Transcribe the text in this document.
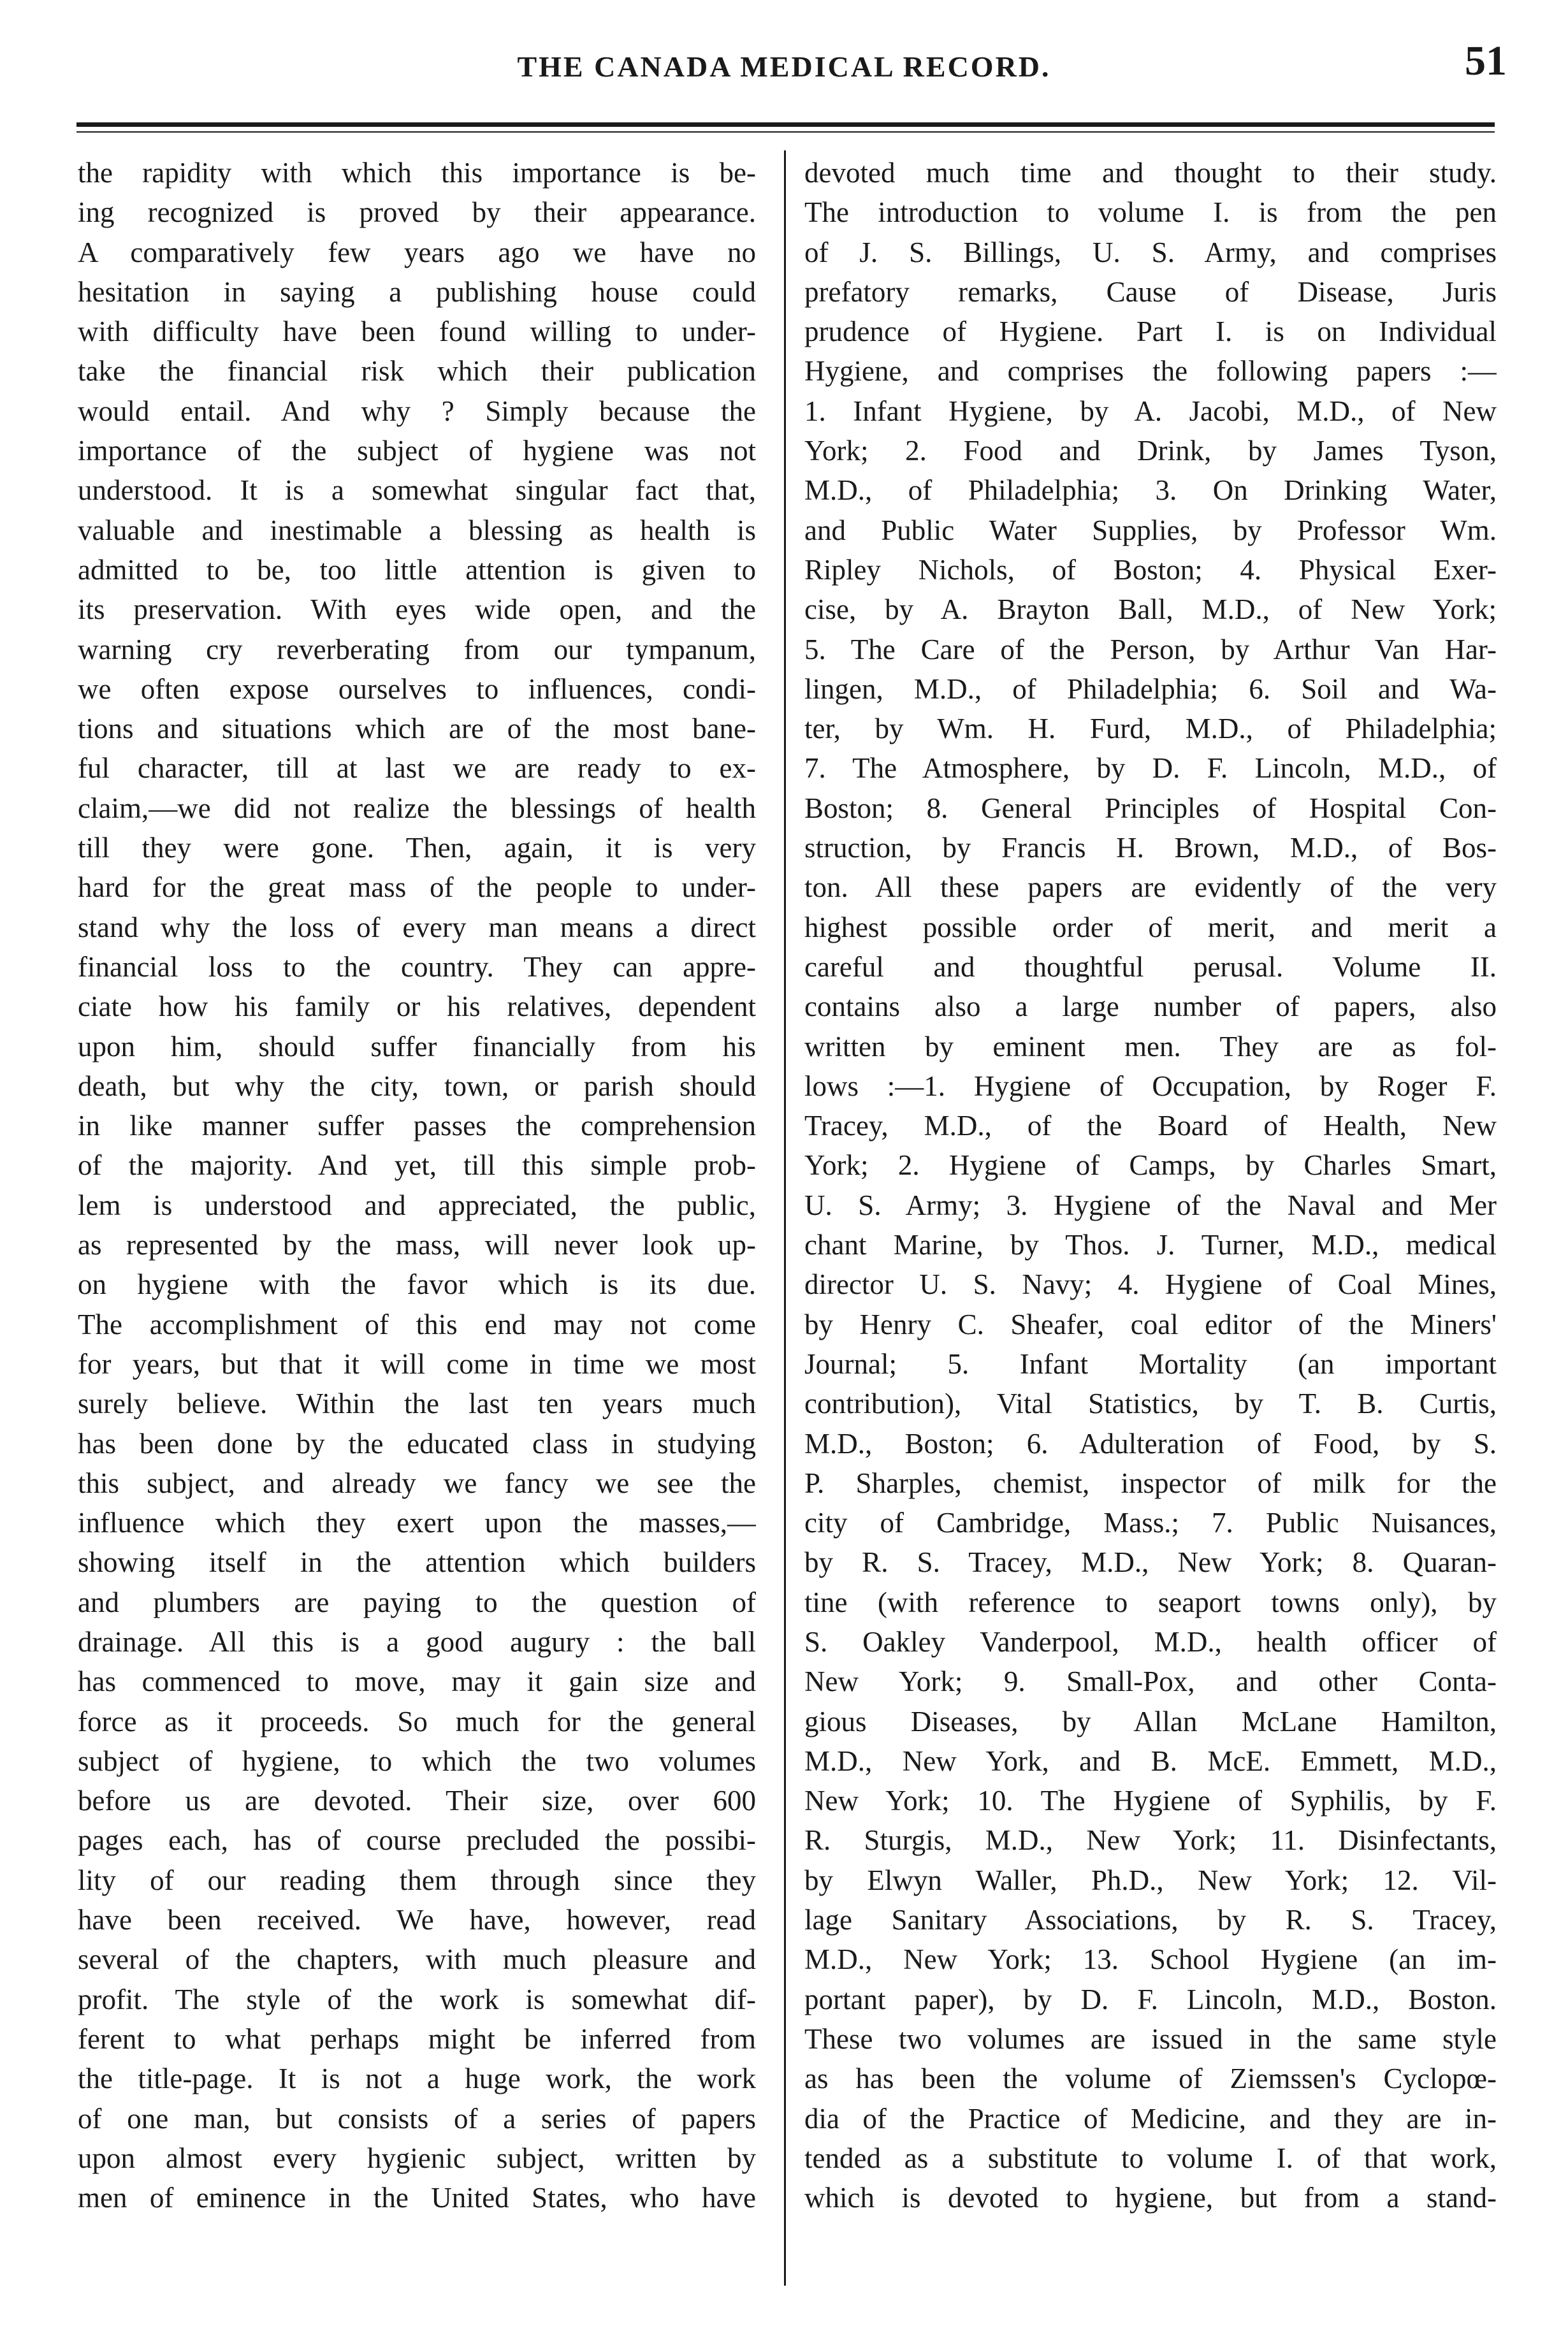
THE CANADA MEDICAL RECORD.	51
the rapidity with which this importance is be-
ing recognized is proved by their appearance.
A comparatively few years ago we have no
hesitation in saying a publishing house could
with difficulty have been found willing to under-
take the financial risk which their publication
would entail. And why ? Simply because the
importance of the subject of hygiene was not
understood. It is a somewhat singular fact that,
valuable and inestimable a blessing as health is
admitted to be, too little attention is given to
its preservation. With eyes wide open, and the
warning cry reverberating from our tympanum,
we often expose ourselves to influences, condi-
tions and situations which are of the most bane-
ful character, till at last we are ready to ex-
claim,—we did not realize the blessings of health
till they were gone. Then, again, it is very
hard for the great mass of the people to under-
stand why the loss of every man means a direct
financial loss to the country. They can appre-
ciate how his family or his relatives, dependent
upon him, should suffer financially from his
death, but why the city, town, or parish should
in like manner suffer passes the comprehension
of the majority. And yet, till this simple prob-
lem is understood and appreciated, the public,
as represented by the mass, will never look up-
on hygiene with the favor which is its due.
The accomplishment of this end may not come
for years, but that it will come in time we most
surely believe. Within the last ten years much
has been done by the educated class in studying
this subject, and already we fancy we see the
influence which they exert upon the masses,—
showing itself in the attention which builders
and plumbers are paying to the question of
drainage. All this is a good augury : the ball
has commenced to move, may it gain size and
force as it proceeds. So much for the general
subject of hygiene, to which the two volumes
before us are devoted. Their size, over 600
pages each, has of course precluded the possibi-
lity of our reading them through since they
have been received. We have, however, read
several of the chapters, with much pleasure and
profit. The style of the work is somewhat dif-
ferent to what perhaps might be inferred from
the title-page. It is not a huge work, the work
of one man, but consists of a series of papers
upon almost every hygienic subject, written by
men of eminence in the United States, who have
devoted much time and thought to their study.
The introduction to volume I. is from the pen
of J. S. Billings, U. S. Army, and comprises
prefatory remarks, Cause of Disease, Juris
prudence of Hygiene. Part I. is on Individual
Hygiene, and comprises the following papers :—
1. Infant Hygiene, by A. Jacobi, M.D., of New
York; 2. Food and Drink, by James Tyson,
M.D., of Philadelphia; 3. On Drinking Water,
and Public Water Supplies, by Professor Wm.
Ripley Nichols, of Boston; 4. Physical Exer-
cise, by A. Brayton Ball, M.D., of New York;
5. The Care of the Person, by Arthur Van Har-
lingen, M.D., of Philadelphia; 6. Soil and Wa-
ter, by Wm. H. Furd, M.D., of Philadelphia;
7. The Atmosphere, by D. F. Lincoln, M.D., of
Boston; 8. General Principles of Hospital Con-
struction, by Francis H. Brown, M.D., of Bos-
ton. All these papers are evidently of the very
highest possible order of merit, and merit a
careful and thoughtful perusal. Volume II.
contains also a large number of papers, also
written by eminent men. They are as fol-
lows :—1. Hygiene of Occupation, by Roger F.
Tracey, M.D., of the Board of Health, New
York; 2. Hygiene of Camps, by Charles Smart,
U. S. Army; 3. Hygiene of the Naval and Mer
chant Marine, by Thos. J. Turner, M.D., medical
director U. S. Navy; 4. Hygiene of Coal Mines,
by Henry C. Sheafer, coal editor of the Miners'
Journal; 5. Infant Mortality (an important
contribution), Vital Statistics, by T. B. Curtis,
M.D., Boston; 6. Adulteration of Food, by S.
P. Sharples, chemist, inspector of milk for the
city of Cambridge, Mass.; 7. Public Nuisances,
by R. S. Tracey, M.D., New York; 8. Quaran-
tine (with reference to seaport towns only), by
S. Oakley Vanderpool, M.D., health officer of
New York; 9. Small-Pox, and other Conta-
gious Diseases, by Allan McLane Hamilton,
M.D., New York, and B. McE. Emmett, M.D.,
New York; 10. The Hygiene of Syphilis, by F.
R. Sturgis, M.D., New York; 11. Disinfectants,
by Elwyn Waller, Ph.D., New York; 12. Vil-
lage Sanitary Associations, by R. S. Tracey,
M.D., New York; 13. School Hygiene (an im-
portant paper), by D. F. Lincoln, M.D., Boston.
These two volumes are issued in the same style
as has been the volume of Ziemssen's Cyclopœ-
dia of the Practice of Medicine, and they are in-
tended as a substitute to volume I. of that work,
which is devoted to hygiene, but from a stand-
